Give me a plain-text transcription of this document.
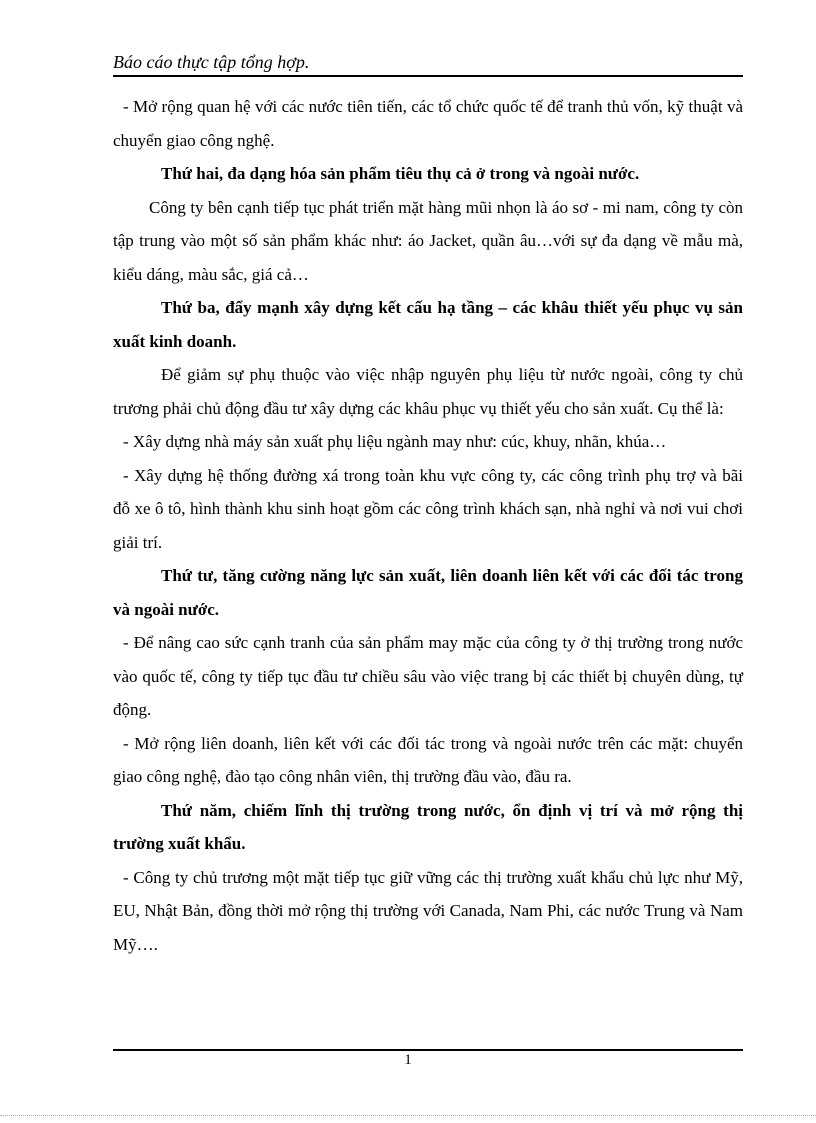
Báo cáo thực tập tổng hợp.

- Mở rộng quan hệ với các nước tiên tiến, các tổ chức quốc tế để tranh thủ vốn, kỹ thuật và chuyển giao công nghệ.

Thứ hai, đa dạng hóa sản phẩm tiêu thụ cả ở trong và ngoài nước.

Công ty bên cạnh tiếp tục phát triển mặt hàng mũi nhọn là áo sơ - mi nam, công ty còn tập trung vào một số sản phẩm khác như: áo Jacket, quần âu…với sự đa dạng về mẫu mà, kiểu dáng, màu sắc, giá cả…

Thứ ba, đẩy mạnh xây dựng kết cấu hạ tầng – các khâu thiết yếu phục vụ sản xuất kinh doanh.

Để giảm sự phụ thuộc vào việc nhập nguyên phụ liệu từ nước ngoài, công ty chủ trương phải chủ động đầu tư xây dựng các khâu phục vụ thiết yếu cho sản xuất. Cụ thể là:

- Xây dựng nhà máy sản xuất phụ liệu ngành may như: cúc, khuy, nhãn, khúa…

- Xây dựng hệ thống đường xá trong toàn khu vực công ty, các công trình phụ trợ và bãi đỗ xe ô tô, hình thành khu sinh hoạt gồm các công trình khách sạn, nhà nghỉ và nơi vui chơi giải trí.

Thứ tư, tăng cường năng lực sản xuất, liên doanh liên kết với các đối tác trong và ngoài nước.

- Để nâng cao sức cạnh tranh của sản phẩm may mặc của công ty ở thị trường trong nước vào quốc tế, công ty tiếp tục đầu tư chiều sâu vào việc trang bị các thiết bị chuyên dùng, tự động.

- Mở rộng liên doanh, liên kết với các đối tác trong và ngoài nước trên các mặt: chuyển giao công nghệ, đào tạo công nhân viên, thị trường đầu vào, đầu ra.

Thứ năm, chiếm lĩnh thị trường trong nước, ổn định vị trí và mở rộng thị trường xuất khẩu.

- Công ty chủ trương một mặt tiếp tục giữ vững các thị trường xuất khẩu chủ lực như Mỹ, EU, Nhật Bản, đồng thời mở rộng thị trường với Canada, Nam Phi, các nước Trung và Nam Mỹ….

1
